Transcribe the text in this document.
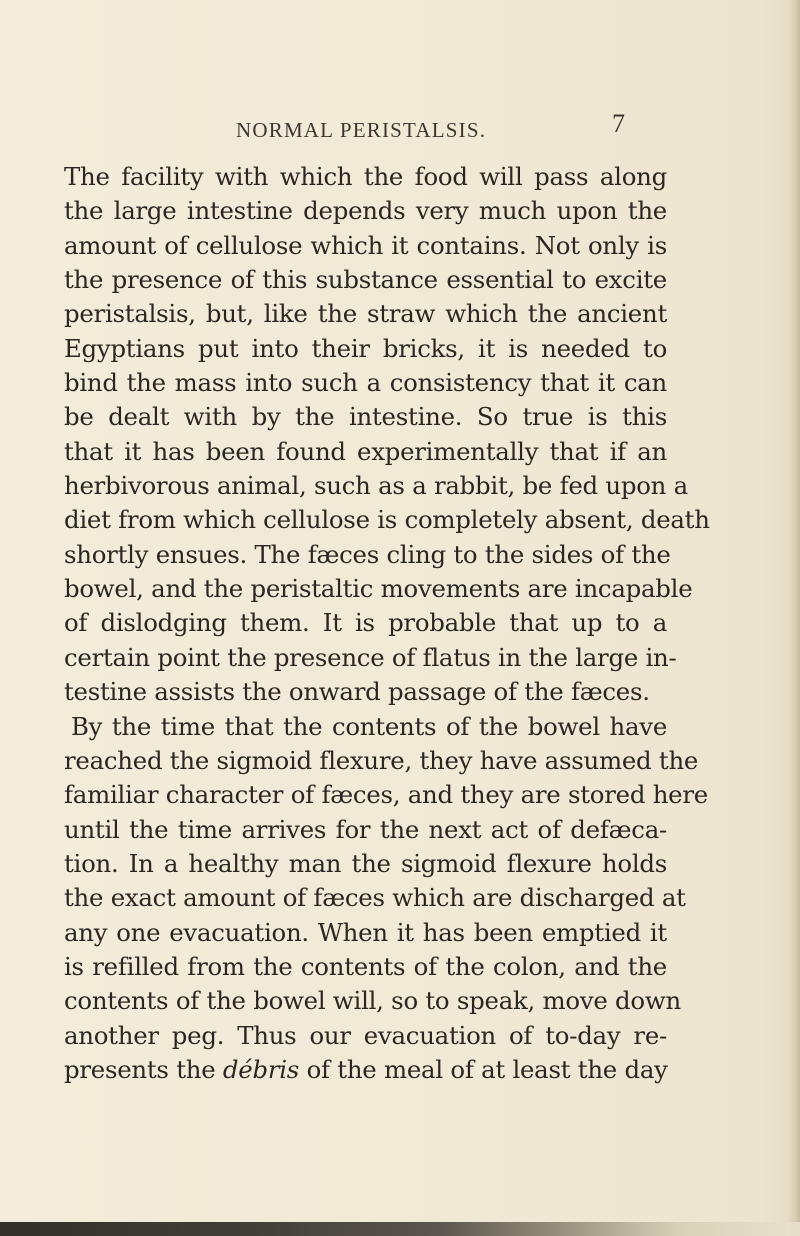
NORMAL PERISTALSIS.	7
The facility with which the food will pass along
the large intestine depends very much upon the
amount of cellulose which it contains. Not only is
the presence of this substance essential to excite
peristalsis, but, like the straw which the ancient
Egyptians put into their bricks, it is needed to
bind the mass into such a consistency that it can
be dealt with by the intestine. So true is this
that it has been found experimentally that if an
herbivorous animal, such as a rabbit, be fed upon a
diet from which cellulose is completely absent, death
shortly ensues. The fæces cling to the sides of the
bowel, and the peristaltic movements are incapable
of dislodging them. It is probable that up to a
certain point the presence of flatus in the large in-
testine assists the onward passage of the fæces.
By the time that the contents of the bowel have
reached the sigmoid flexure, they have assumed the
familiar character of fæces, and they are stored here
until the time arrives for the next act of defæca-
tion. In a healthy man the sigmoid flexure holds
the exact amount of fæces which are discharged at
any one evacuation. When it has been emptied it
is refilled from the contents of the colon, and the
contents of the bowel will, so to speak, move down
another peg. Thus our evacuation of to-day re-
presents the débris of the meal of at least the day
